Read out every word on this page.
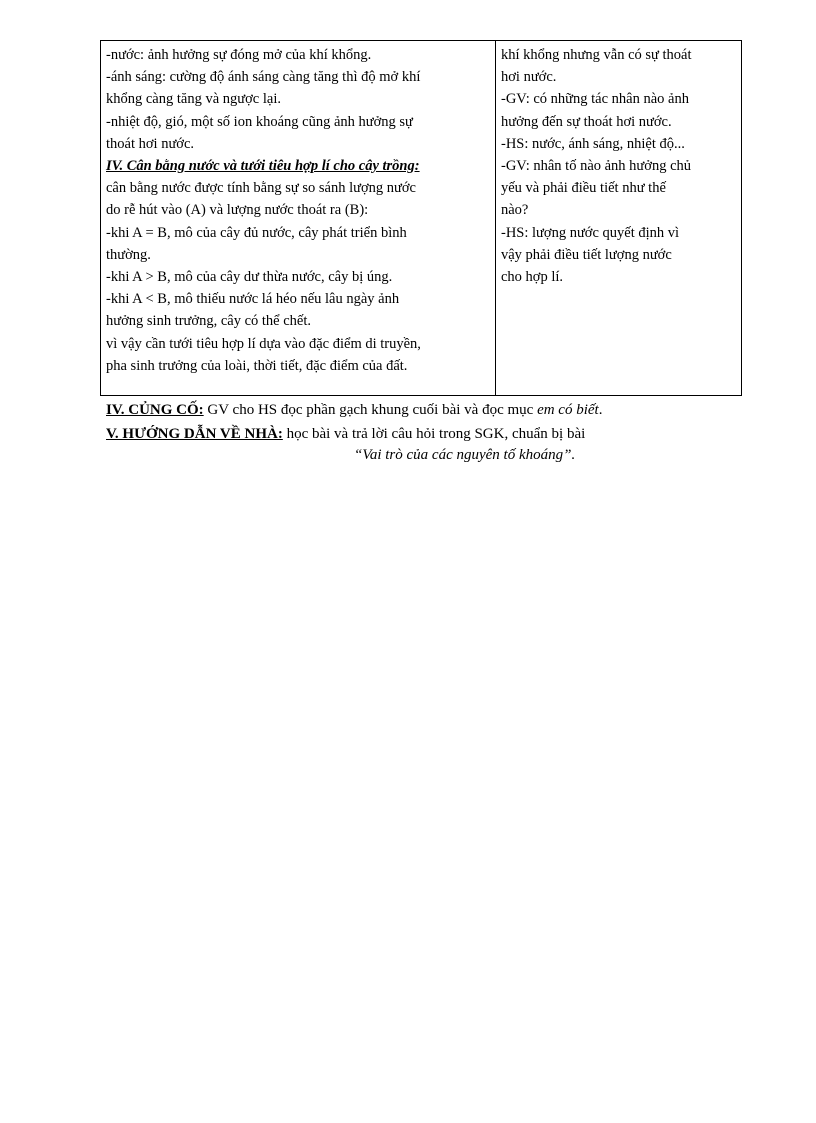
-nước: ảnh hưởng sự đóng mở của khí khổng.
-ánh sáng: cường độ ánh sáng càng tăng thì độ mở khí
khổng càng tăng và ngược lại.
-nhiệt độ, gió, một số ion khoáng cũng ảnh hưởng sự
thoát hơi nước.
IV. Cân bằng nước và tưới tiêu hợp lí cho cây trồng:
cân bằng nước được tính bằng sự so sánh lượng nước
do rễ hút vào (A) và lượng nước thoát ra (B):
-khi A = B, mô của cây đủ nước, cây phát triển bình
thường.
-khi A > B, mô của cây dư thừa nước, cây bị úng.
-khi A < B, mô thiếu nước lá héo nếu lâu ngày ảnh
hưởng sinh trưởng, cây có thể chết.
vì vậy cần tưới tiêu hợp lí dựa vào đặc điểm di truyền,
pha sinh trưởng của loài, thời tiết, đặc điểm của đất.

khí khổng nhưng vẫn có sự thoát
hơi nước.
-GV: có những tác nhân nào ảnh
hưởng đến sự thoát hơi nước.
-HS: nước, ánh sáng, nhiệt độ...
-GV: nhân tố nào ảnh hưởng chủ
yếu và phải điều tiết như thế
nào?
-HS: lượng nước quyết định vì
vậy phải điều tiết lượng nước
cho hợp lí.
IV. CỦNG CỐ: GV cho HS đọc phần gạch khung cuối bài và đọc mục em có biết.
V. HƯỚNG DẪN VỀ NHÀ: học bài và trả lời câu hỏi trong SGK, chuẩn bị bài
“Vai trò của các nguyên tố khoáng”.
